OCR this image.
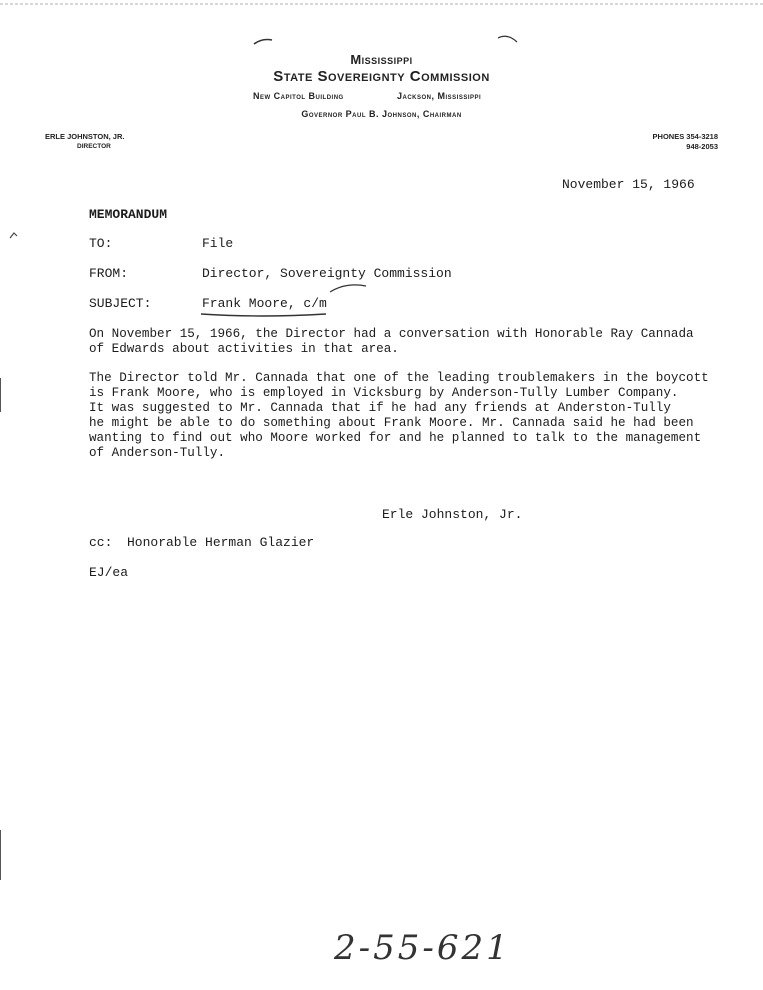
Mississippi
State Sovereignty Commission
New Capitol Building	Jackson, Mississippi
Governor Paul B. Johnson, Chairman
ERLE JOHNSTON, JR.
DIRECTOR
PHONES 354-3218
948-2053
November 15, 1966
MEMORANDUM
TO:	File
FROM:	Director, Sovereignty Commission
SUBJECT:	Frank Moore, c/m
On November 15, 1966, the Director had a conversation with Honorable Ray Cannada
of Edwards about activities in that area.
The Director told Mr. Cannada that one of the leading troublemakers in the boycott
is Frank Moore, who is employed in Vicksburg by Anderson-Tully Lumber Company.
It was suggested to Mr. Cannada that if he had any friends at Anderston-Tully
he might be able to do something about Frank Moore. Mr. Cannada said he had been
wanting to find out who Moore worked for and he planned to talk to the management
of Anderson-Tully.
Erle Johnston, Jr.
cc: Honorable Herman Glazier
EJ/ea
2-55-621
